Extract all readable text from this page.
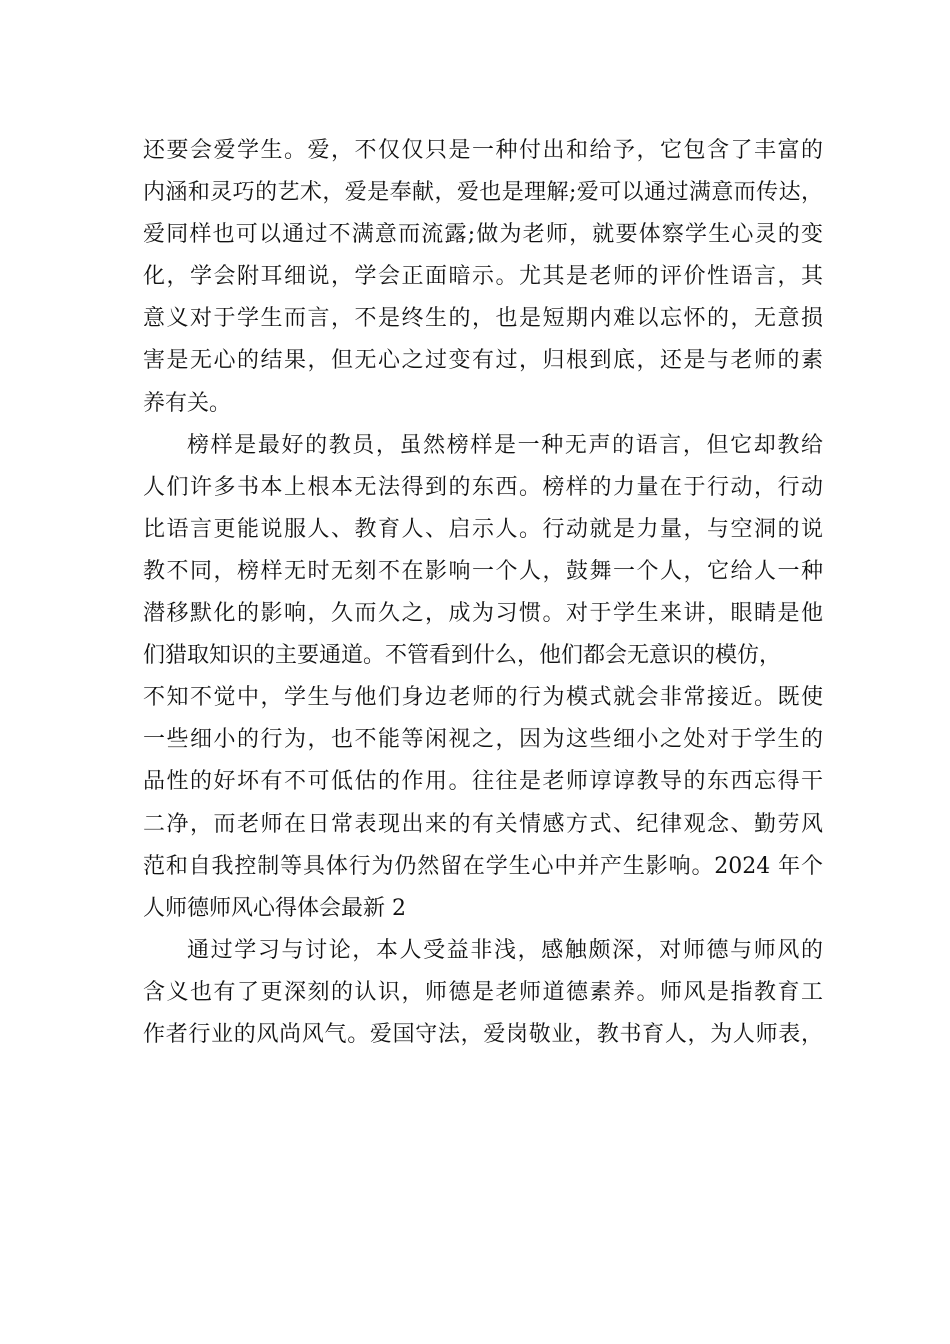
还要会爱学生。爱，不仅仅只是一种付出和给予，它包含了丰富的
内涵和灵巧的艺术，爱是奉献，爱也是理解;爱可以通过满意而传达，
爱同样也可以通过不满意而流露;做为老师，就要体察学生心灵的变
化，学会附耳细说，学会正面暗示。尤其是老师的评价性语言，其
意义对于学生而言，不是终生的，也是短期内难以忘怀的，无意损
害是无心的结果，但无心之过变有过，归根到底，还是与老师的素
养有关。
榜样是最好的教员，虽然榜样是一种无声的语言，但它却教给
人们许多书本上根本无法得到的东西。榜样的力量在于行动，行动
比语言更能说服人、教育人、启示人。行动就是力量，与空洞的说
教不同，榜样无时无刻不在影响一个人，鼓舞一个人，它给人一种
潜移默化的影响，久而久之，成为习惯。对于学生来讲，眼睛是他
们猎取知识的主要通道。不管看到什么，他们都会无意识的模仿，
不知不觉中，学生与他们身边老师的行为模式就会非常接近。既使
一些细小的行为，也不能等闲视之，因为这些细小之处对于学生的
品性的好坏有不可低估的作用。往往是老师谆谆教导的东西忘得干
二净，而老师在日常表现出来的有关情感方式、纪律观念、勤劳风
范和自我控制等具体行为仍然留在学生心中并产生影响。2024 年个
人师德师风心得体会最新 2
通过学习与讨论，本人受益非浅，感触颇深，对师德与师风的
含义也有了更深刻的认识，师德是老师道德素养。师风是指教育工
作者行业的风尚风气。爱国守法，爱岗敬业，教书育人，为人师表，
